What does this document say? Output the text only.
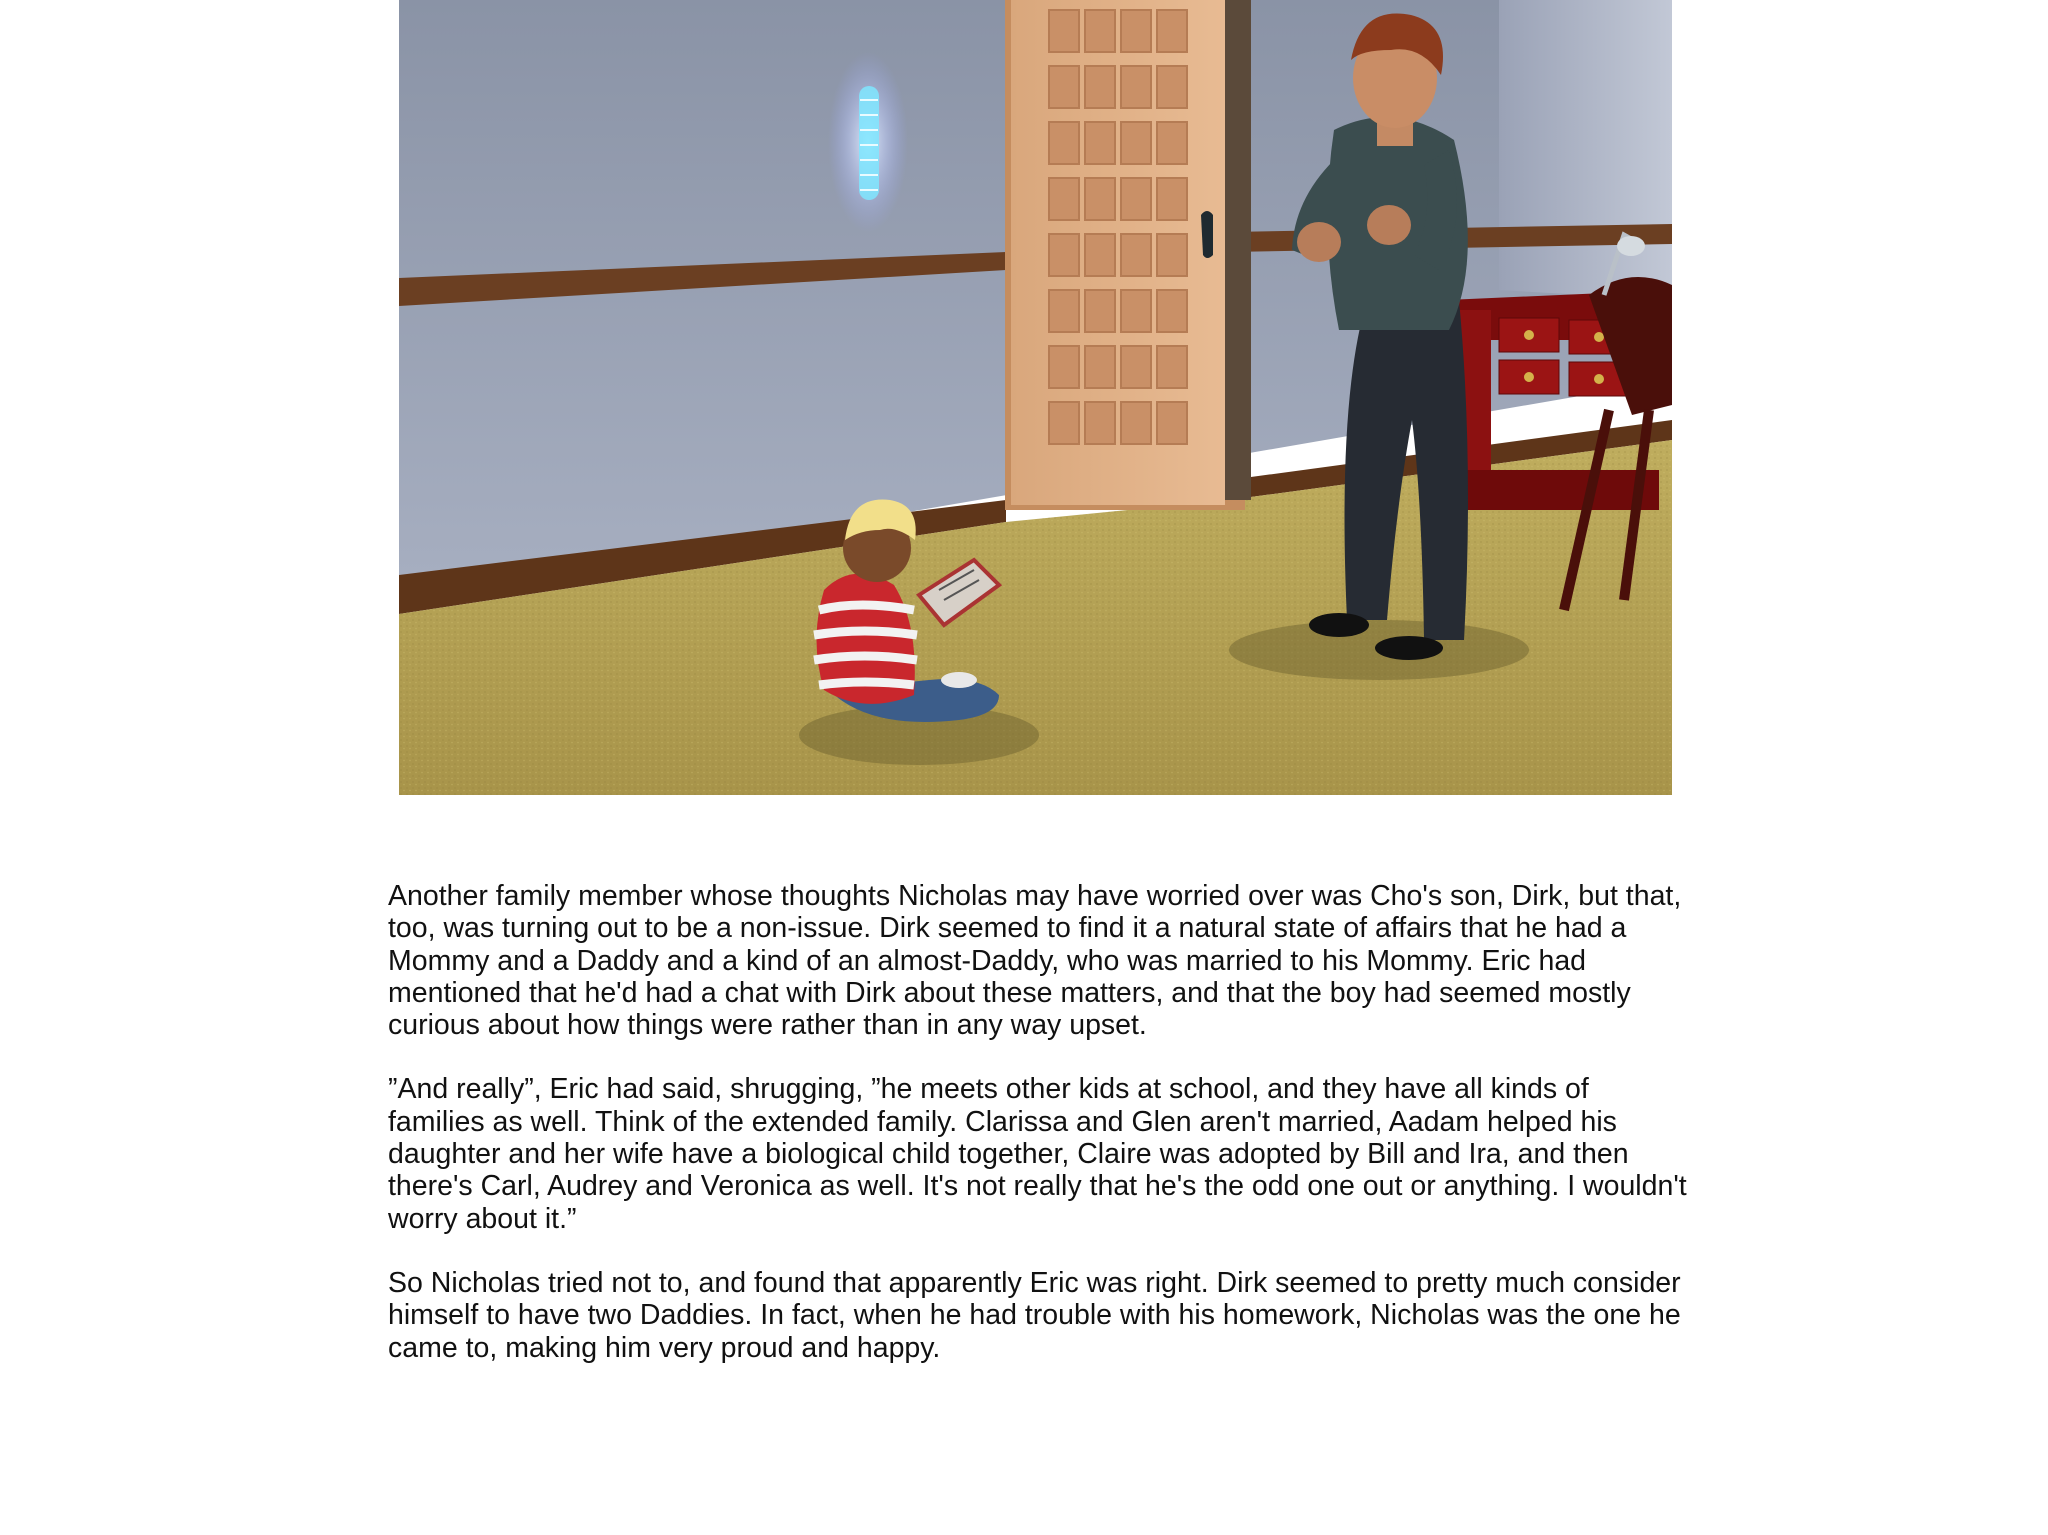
Another family member whose thoughts Nicholas may have worried over was Cho's son, Dirk, but that, too, was turning out to be a non-issue. Dirk seemed to find it a natural state of affairs that he had a Mommy and a Daddy and a kind of an almost-Daddy, who was married to his Mommy. Eric had mentioned that he'd had a chat with Dirk about these matters, and that the boy had seemed mostly curious about how things were rather than in any way upset.

”And really”, Eric had said, shrugging, ”he meets other kids at school, and they have all kinds of families as well. Think of the extended family. Clarissa and Glen aren't married, Aadam helped his daughter and her wife have a biological child together, Claire was adopted by Bill and Ira, and then there's Carl, Audrey and Veronica as well. It's not really that he's the odd one out or anything. I wouldn't worry about it.”

So Nicholas tried not to, and found that apparently Eric was right. Dirk seemed to pretty much consider himself to have two Daddies. In fact, when he had trouble with his homework, Nicholas was the one he came to, making him very proud and happy.
